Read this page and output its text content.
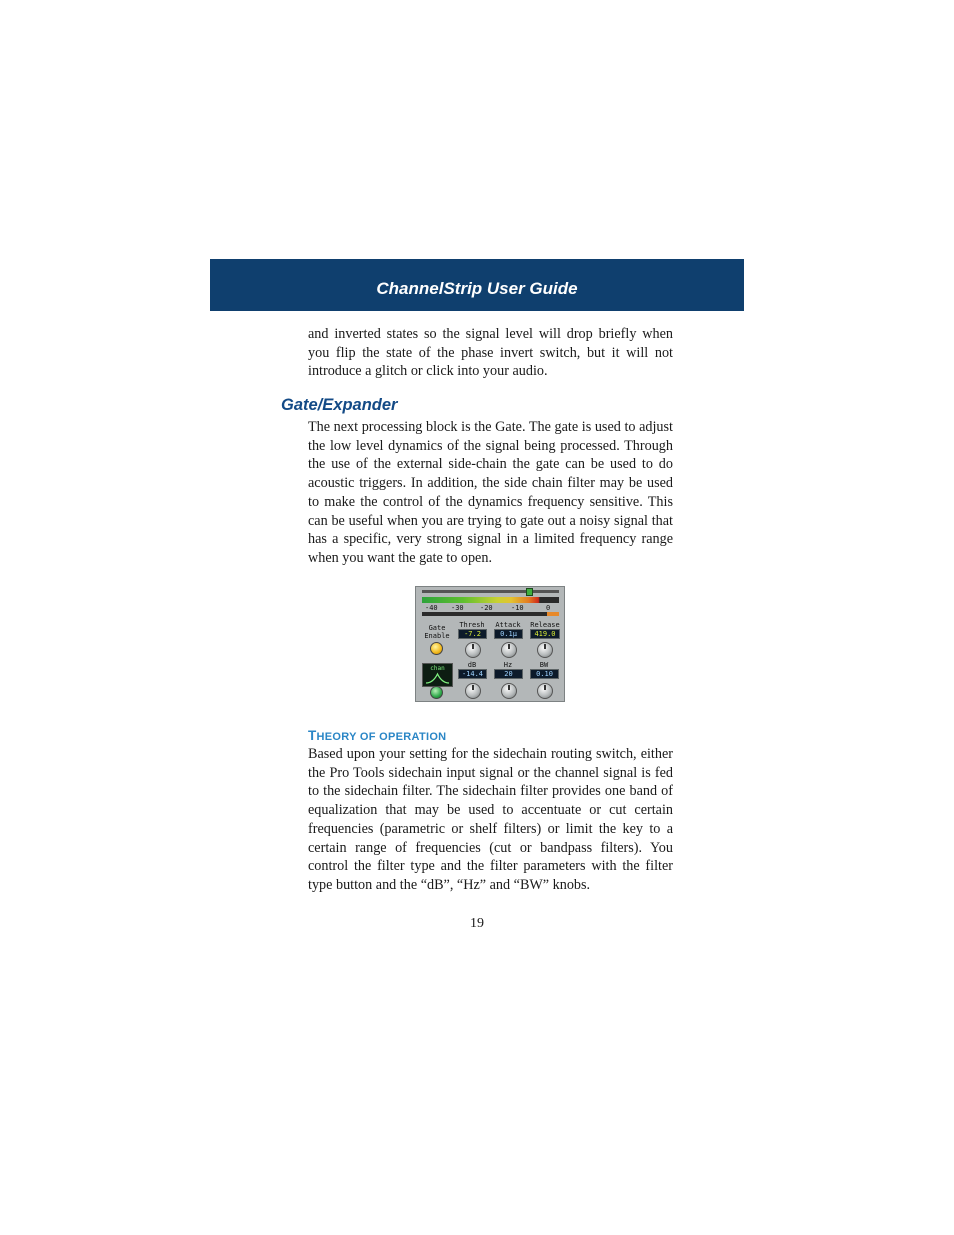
ChannelStrip User Guide

and inverted states so the signal level will drop briefly when you flip the state of the phase invert switch, but it will not introduce a glitch or click into your audio.

Gate/Expander

The next processing block is the Gate. The gate is used to adjust the low level dynamics of the signal being processed. Through the use of the external side-chain the gate can be used to do acoustic triggers. In addition, the side chain filter may be used to make the control of the dynamics frequency sensitive. This can be useful when you are trying to gate out a noisy signal that has a specific, very strong signal in a limited frequency range when you want the gate to open.

-40 -30 -20	-10	0
Gate Enable
Thresh	Attack	Release
-7.2	0.1µ	419.0
chan	dB	Hz	BW
-14.4	20	0.10
THEORY OF OPERATION

Based upon your setting for the sidechain routing switch, either the Pro Tools sidechain input signal or the channel signal is fed to the sidechain filter. The sidechain filter provides one band of equalization that may be used to accentuate or cut certain frequencies (parametric or shelf filters) or limit the key to a certain range of frequencies (cut or bandpass filters). You control the filter type and the filter parameters with the filter type button and the “dB”, “Hz” and “BW” knobs.

19
